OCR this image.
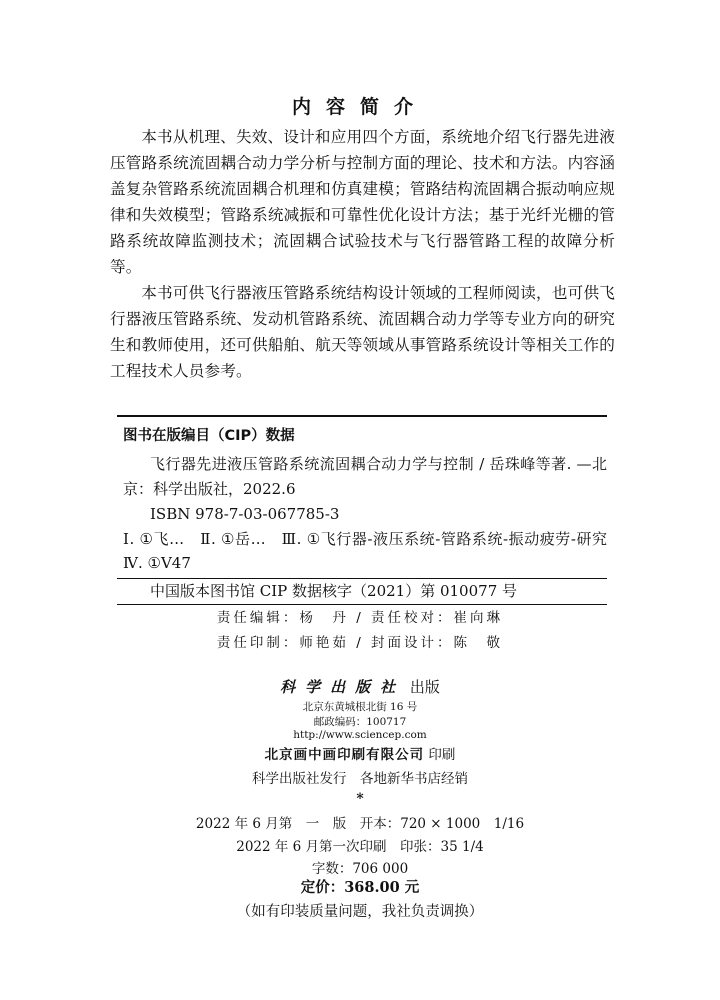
内容简介

本书从机理、失效、设计和应用四个方面，系统地介绍飞行器先进液压管路系统流固耦合动力学分析与控制方面的理论、技术和方法。内容涵盖复杂管路系统流固耦合机理和仿真建模；管路结构流固耦合振动响应规律和失效模型；管路系统减振和可靠性优化设计方法；基于光纤光栅的管路系统故障监测技术；流固耦合试验技术与飞行器管路工程的故障分析等。

本书可供飞行器液压管路系统结构设计领域的工程师阅读，也可供飞行器液压管路系统、发动机管路系统、流固耦合动力学等专业方向的研究生和教师使用，还可供船舶、航天等领域从事管路系统设计等相关工作的工程技术人员参考。

图书在版编目（CIP）数据
飞行器先进液压管路系统流固耦合动力学与控制 / 岳珠峰等著. —北京：科学出版社，2022.6
ISBN 978-7-03-067785-3
Ⅰ. ①飞…　Ⅱ. ①岳…　Ⅲ. ①飞行器-液压系统-管路系统-振动疲劳-研究　Ⅳ. ①V47
中国版本图书馆 CIP 数据核字（2021）第 010077 号
责任编辑：杨　丹 / 责任校对：崔向琳
责任印制：师艳茹 / 封面设计：陈　敬
科学出版社 出版
北京东黄城根北街 16 号
邮政编码：100717
http://www.sciencep.com
北京画中画印刷有限公司 印刷
科学出版社发行　各地新华书店经销
*
2022 年 6 月第　一　版　开本：720 × 1000　1/16
2022 年 6 月第一次印刷　印张：35 1/4
字数：706 000
定价：368.00 元
（如有印装质量问题，我社负责调换）
